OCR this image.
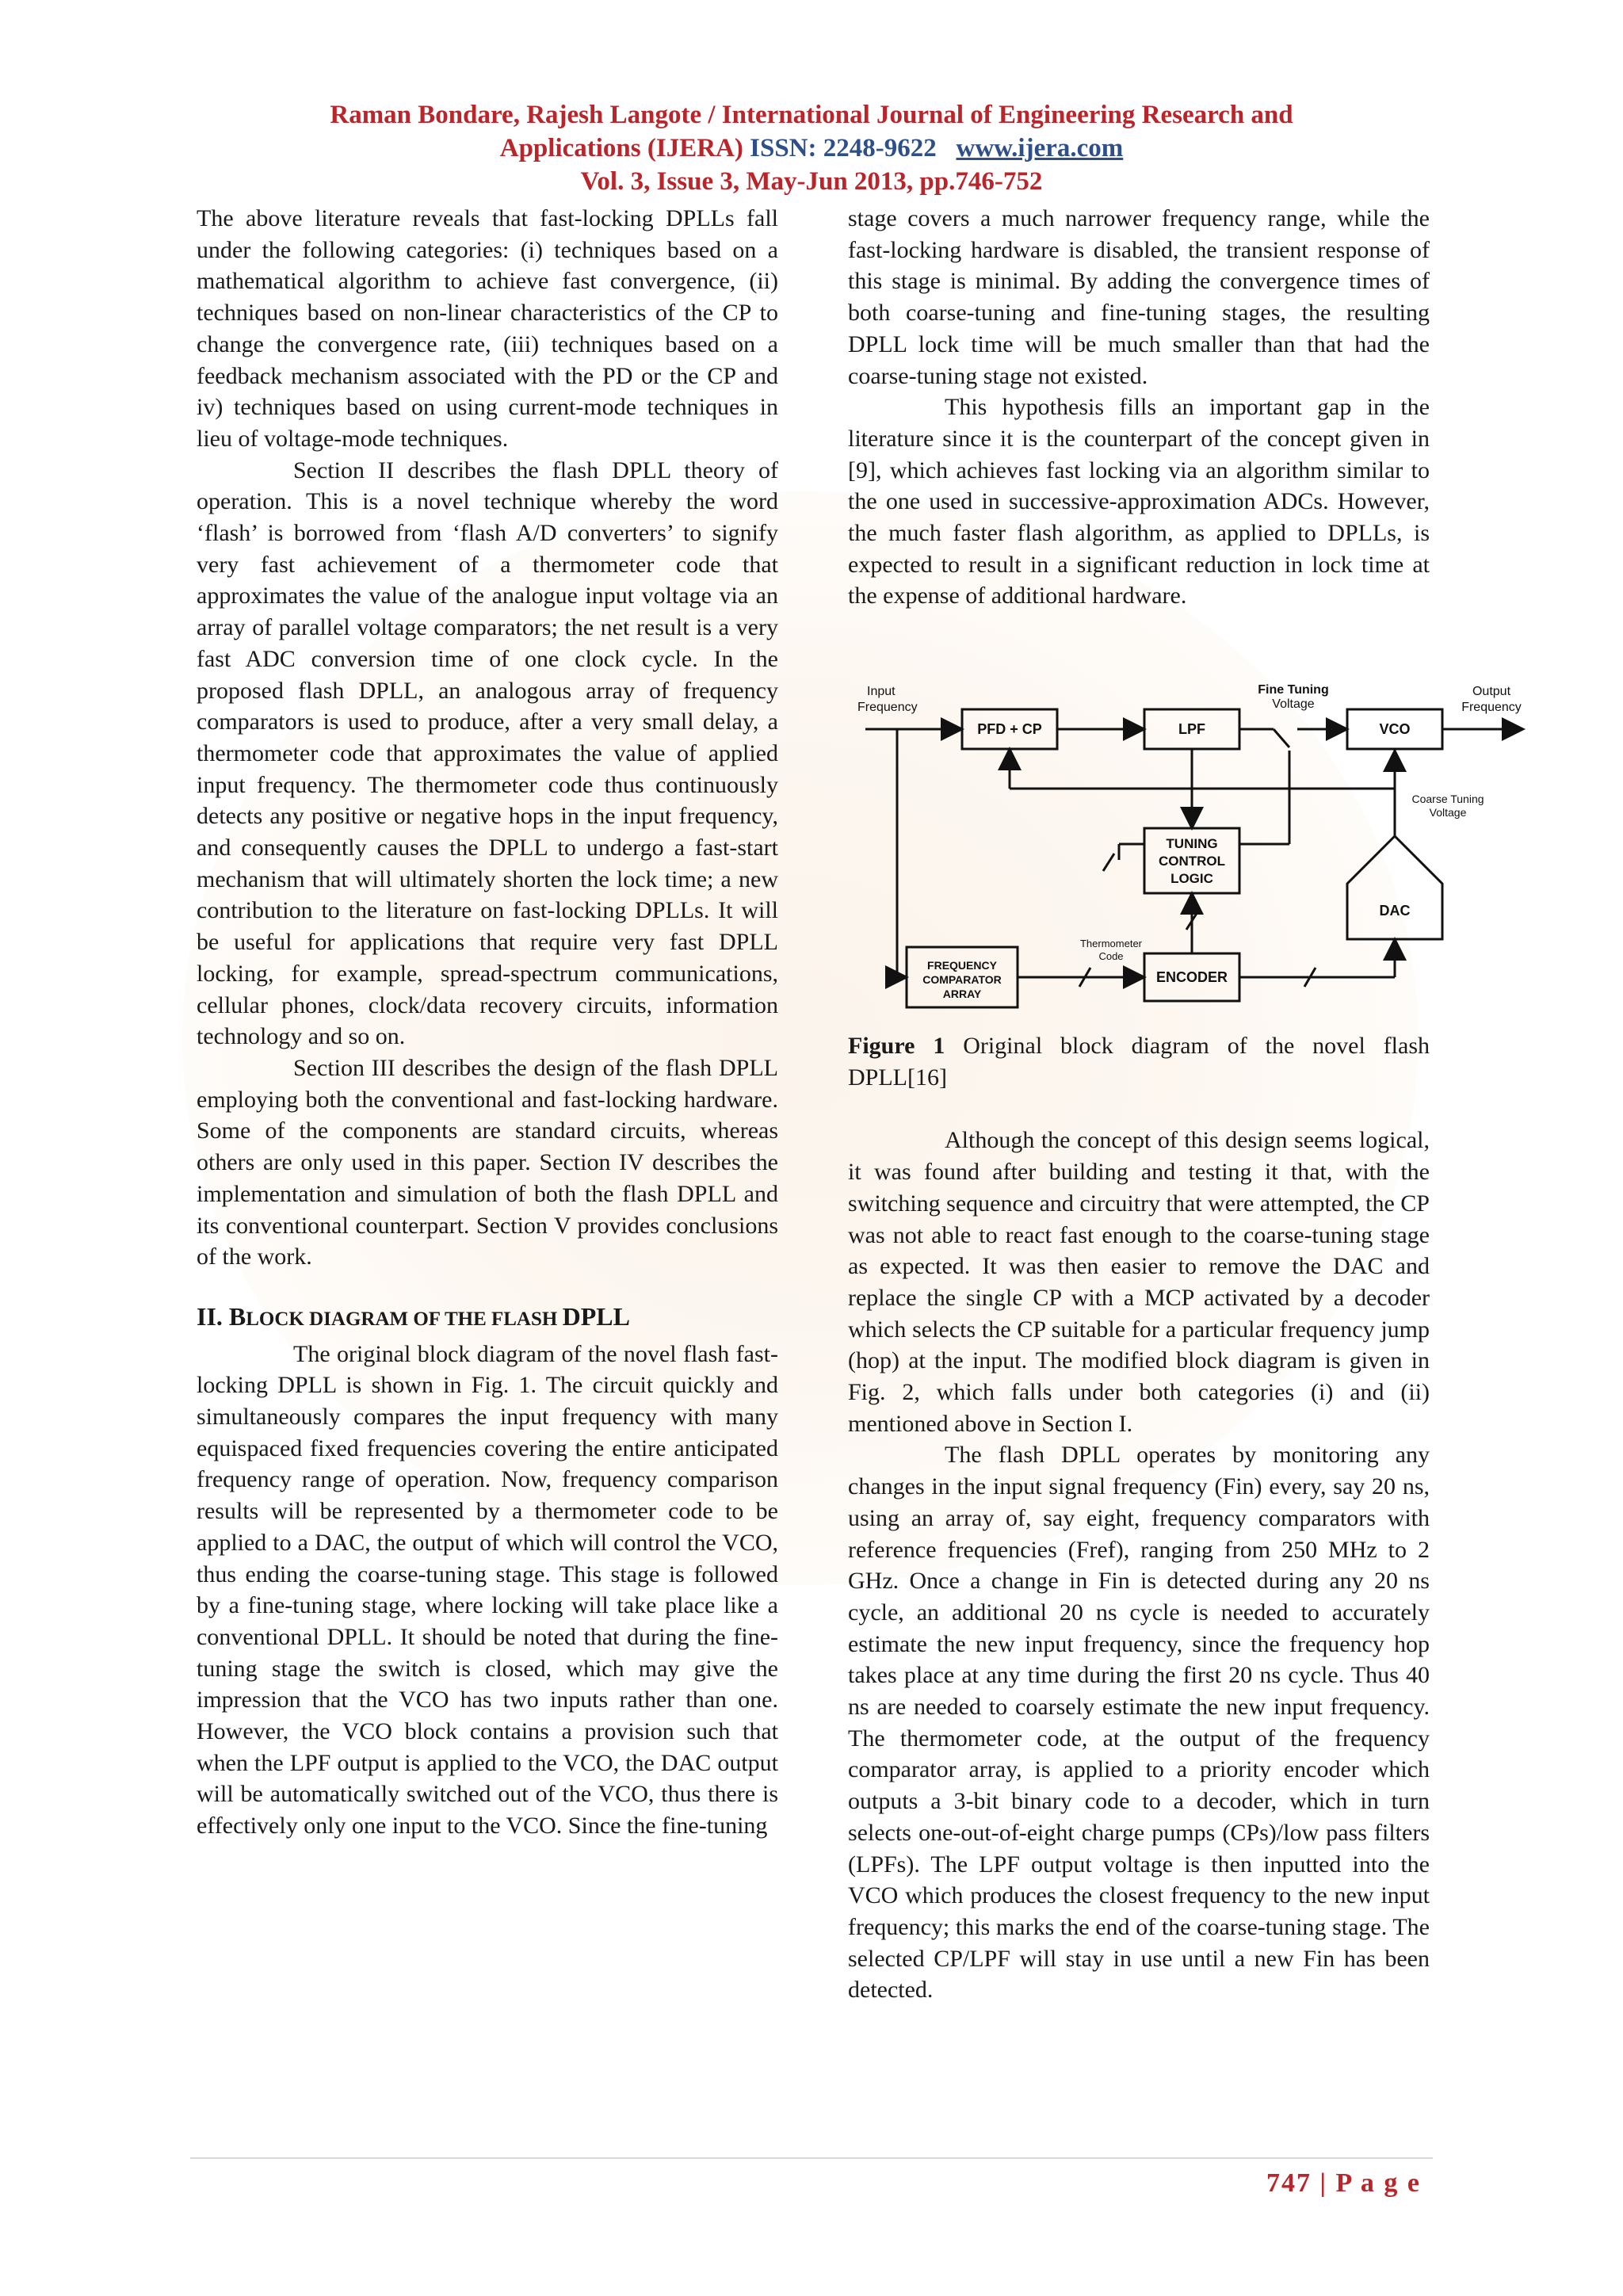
Raman Bondare, Rajesh Langote / International Journal of Engineering Research and
Applications (IJERA) ISSN: 2248-9622 www.ijera.com
Vol. 3, Issue 3, May-Jun 2013, pp.746-752

The above literature reveals that fast-locking DPLLs fall under the following categories: (i) techniques based on a mathematical algorithm to achieve fast convergence, (ii) techniques based on non-linear characteristics of the CP to change the convergence rate, (iii) techniques based on a feedback mechanism associated with the PD or the CP and iv) techniques based on using current-mode techniques in lieu of voltage-mode techniques.

Section II describes the flash DPLL theory of operation. This is a novel technique whereby the word ‘flash’ is borrowed from ‘flash A/D converters’ to signify very fast achievement of a thermometer code that approximates the value of the analogue input voltage via an array of parallel voltage comparators; the net result is a very fast ADC conversion time of one clock cycle. In the proposed flash DPLL, an analogous array of frequency comparators is used to produce, after a very small delay, a thermometer code that approximates the value of applied input frequency. The thermometer code thus continuously detects any positive or negative hops in the input frequency, and consequently causes the DPLL to undergo a fast-start mechanism that will ultimately shorten the lock time; a new contribution to the literature on fast-locking DPLLs. It will be useful for applications that require very fast DPLL locking, for example, spread-spectrum communications, cellular phones, clock/data recovery circuits, information technology and so on.

Section III describes the design of the flash DPLL employing both the conventional and fast-locking hardware. Some of the components are standard circuits, whereas others are only used in this paper. Section IV describes the implementation and simulation of both the flash DPLL and its conventional counterpart. Section V provides conclusions of the work.

II. BLOCK DIAGRAM OF THE FLASH DPLL

The original block diagram of the novel flash fast-locking DPLL is shown in Fig. 1. The circuit quickly and simultaneously compares the input frequency with many equispaced fixed frequencies covering the entire anticipated frequency range of operation. Now, frequency comparison results will be represented by a thermometer code to be applied to a DAC, the output of which will control the VCO, thus ending the coarse-tuning stage. This stage is followed by a fine-tuning stage, where locking will take place like a conventional DPLL. It should be noted that during the fine-tuning stage the switch is closed, which may give the impression that the VCO has two inputs rather than one. However, the VCO block contains a provision such that when the LPF output is applied to the VCO, the DAC output will be automatically switched out of the VCO, thus there is effectively only one input to the VCO. Since the fine-tuning

stage covers a much narrower frequency range, while the fast-locking hardware is disabled, the transient response of this stage is minimal. By adding the convergence times of both coarse-tuning and fine-tuning stages, the resulting DPLL lock time will be much smaller than that had the coarse-tuning stage not existed.

This hypothesis fills an important gap in the literature since it is the counterpart of the concept given in [9], which achieves fast locking via an algorithm similar to the one used in successive-approximation ADCs. However, the much faster flash algorithm, as applied to DPLLs, is expected to result in a significant reduction in lock time at the expense of additional hardware.

Input
Frequency
PFD + CP	LPF
Fine Tuning
Voltage
VCO
Output
Frequency
Coarse Tuning
Voltage
TUNING
CONTROL
LOGIC
DAC
Thermometer
Code
FREQUENCY
COMPARATOR
ARRAY
ENCODER

Figure 1 Original block diagram of the novel flash DPLL[16]

Although the concept of this design seems logical, it was found after building and testing it that, with the switching sequence and circuitry that were attempted, the CP was not able to react fast enough to the coarse-tuning stage as expected. It was then easier to remove the DAC and replace the single CP with a MCP activated by a decoder which selects the CP suitable for a particular frequency jump (hop) at the input. The modified block diagram is given in Fig. 2, which falls under both categories (i) and (ii) mentioned above in Section I.

The flash DPLL operates by monitoring any changes in the input signal frequency (Fin) every, say 20 ns, using an array of, say eight, frequency comparators with reference frequencies (Fref), ranging from 250 MHz to 2 GHz. Once a change in Fin is detected during any 20 ns cycle, an additional 20 ns cycle is needed to accurately estimate the new input frequency, since the frequency hop takes place at any time during the first 20 ns cycle. Thus 40 ns are needed to coarsely estimate the new input frequency. The thermometer code, at the output of the frequency comparator array, is applied to a priority encoder which outputs a 3-bit binary code to a decoder, which in turn selects one-out-of-eight charge pumps (CPs)/low pass filters (LPFs). The LPF output voltage is then inputted into the VCO which produces the closest frequency to the new input frequency; this marks the end of the coarse-tuning stage. The selected CP/LPF will stay in use until a new Fin has been detected.

747 | P a g e
